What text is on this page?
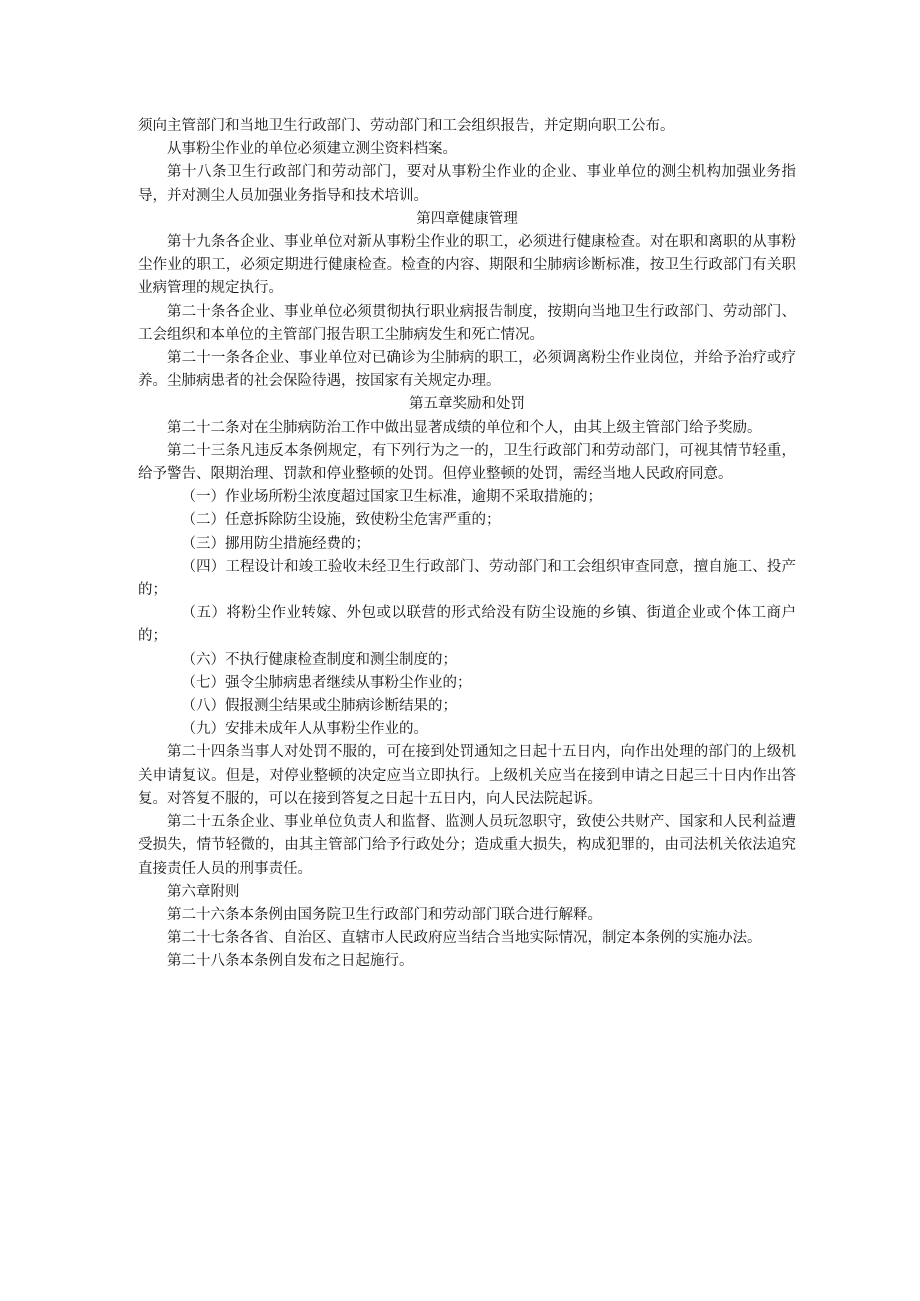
须向主管部门和当地卫生行政部门、劳动部门和工会组织报告，并定期向职工公布。

从事粉尘作业的单位必须建立测尘资料档案。

第十八条卫生行政部门和劳动部门，要对从事粉尘作业的企业、事业单位的测尘机构加强业务指导，并对测尘人员加强业务指导和技术培训。

第四章健康管理

第十九条各企业、事业单位对新从事粉尘作业的职工，必须进行健康检查。对在职和离职的从事粉尘作业的职工，必须定期进行健康检查。检查的内容、期限和尘肺病诊断标准，按卫生行政部门有关职业病管理的规定执行。

第二十条各企业、事业单位必须贯彻执行职业病报告制度，按期向当地卫生行政部门、劳动部门、工会组织和本单位的主管部门报告职工尘肺病发生和死亡情况。

第二十一条各企业、事业单位对已确诊为尘肺病的职工，必须调离粉尘作业岗位，并给予治疗或疗养。尘肺病患者的社会保险待遇，按国家有关规定办理。

第五章奖励和处罚

第二十二条对在尘肺病防治工作中做出显著成绩的单位和个人，由其上级主管部门给予奖励。

第二十三条凡违反本条例规定，有下列行为之一的，卫生行政部门和劳动部门，可视其情节轻重，给予警告、限期治理、罚款和停业整顿的处罚。但停业整顿的处罚，需经当地人民政府同意。

（一）作业场所粉尘浓度超过国家卫生标准，逾期不采取措施的；

（二）任意拆除防尘设施，致使粉尘危害严重的；

（三）挪用防尘措施经费的；

（四）工程设计和竣工验收未经卫生行政部门、劳动部门和工会组织审查同意，擅自施工、投产的；

（五）将粉尘作业转嫁、外包或以联营的形式给没有防尘设施的乡镇、街道企业或个体工商户的；

（六）不执行健康检查制度和测尘制度的；

（七）强令尘肺病患者继续从事粉尘作业的；

（八）假报测尘结果或尘肺病诊断结果的；

（九）安排未成年人从事粉尘作业的。

第二十四条当事人对处罚不服的，可在接到处罚通知之日起十五日内，向作出处理的部门的上级机关申请复议。但是，对停业整顿的决定应当立即执行。上级机关应当在接到申请之日起三十日内作出答复。对答复不服的，可以在接到答复之日起十五日内，向人民法院起诉。

第二十五条企业、事业单位负责人和监督、监测人员玩忽职守，致使公共财产、国家和人民利益遭受损失，情节轻微的，由其主管部门给予行政处分；造成重大损失，构成犯罪的，由司法机关依法追究直接责任人员的刑事责任。

第六章附则

第二十六条本条例由国务院卫生行政部门和劳动部门联合进行解释。

第二十七条各省、自治区、直辖市人民政府应当结合当地实际情况，制定本条例的实施办法。

第二十八条本条例自发布之日起施行。
